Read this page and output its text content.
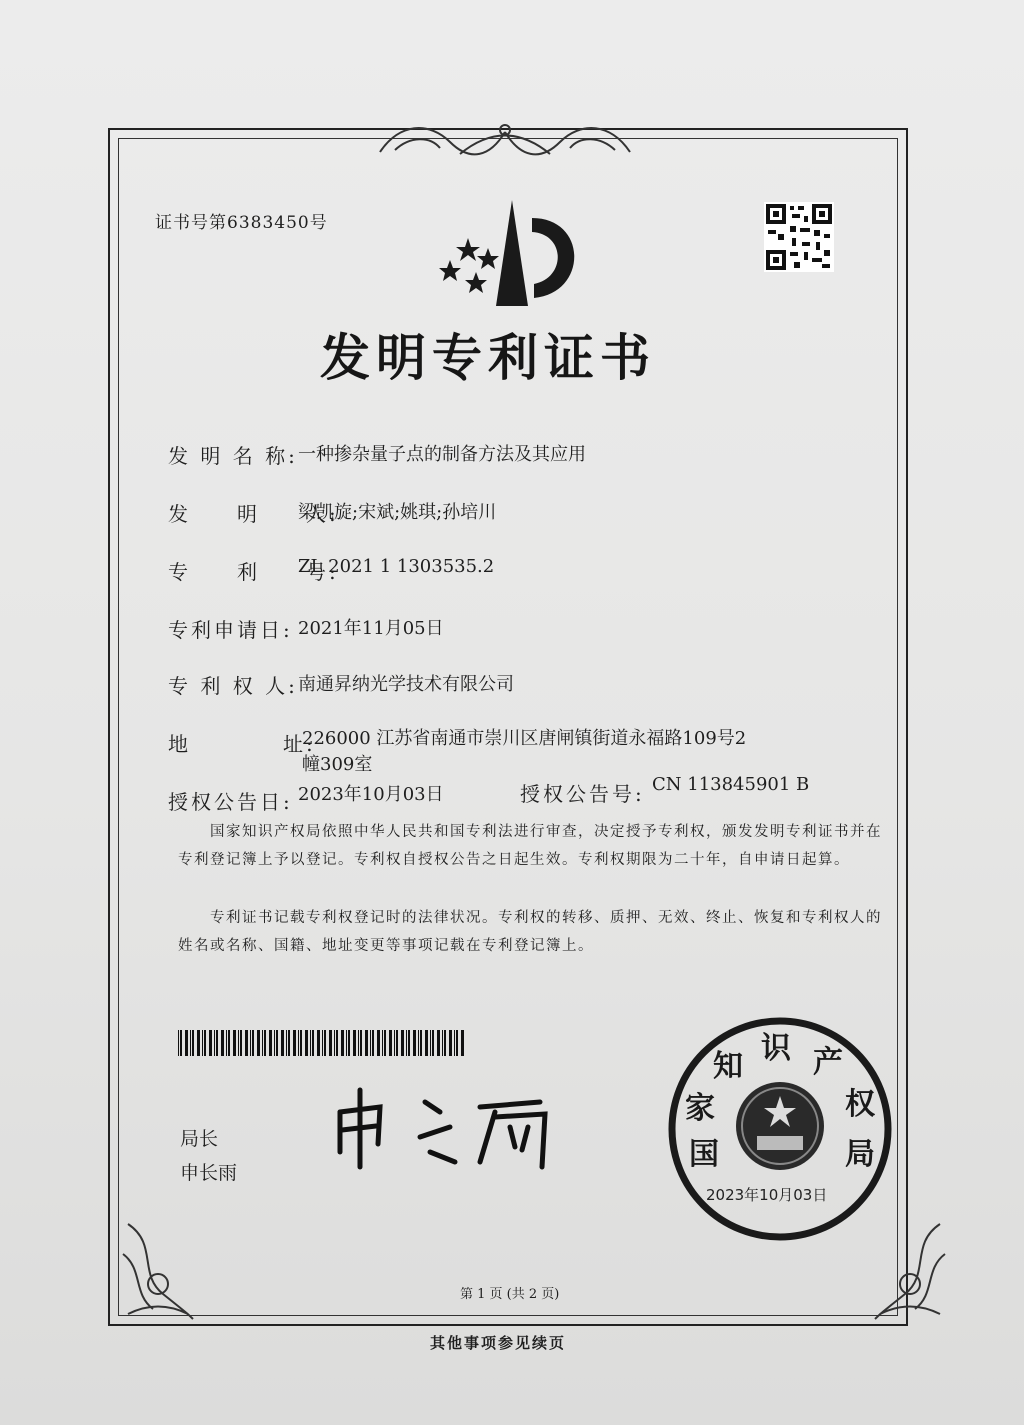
证书号第6383450号
发明专利证书
发 明 名 称: 一种掺杂量子点的制备方法及其应用
发　　明　　人:
梁凯旋;宋斌;姚琪;孙培川
专　　利　　号:
ZL 2021 1 1303535.2
专利申请日: 2021年11月05日
专 利 权 人: 南通昇纳光学技术有限公司
地　　　　址:
226000 江苏省南通市崇川区唐闸镇街道永福路109号2
幢309室
授权公告日: 2023年10月03日	授权公告号: CN 113845901 B
国家知识产权局依照中华人民共和国专利法进行审查，决定授予专利权，颁发发明专利证书并在专利登记簿上予以登记。专利权自授权公告之日起生效。专利权期限为二十年，自申请日起算。
专利证书记载专利权登记时的法律状况。专利权的转移、质押、无效、终止、恢复和专利权人的姓名或名称、国籍、地址变更等事项记载在专利登记簿上。
局长
申长雨
国
家
知
识 产
权
局
2023年10月03日
第 1 页 (共 2 页)
其他事项参见续页
